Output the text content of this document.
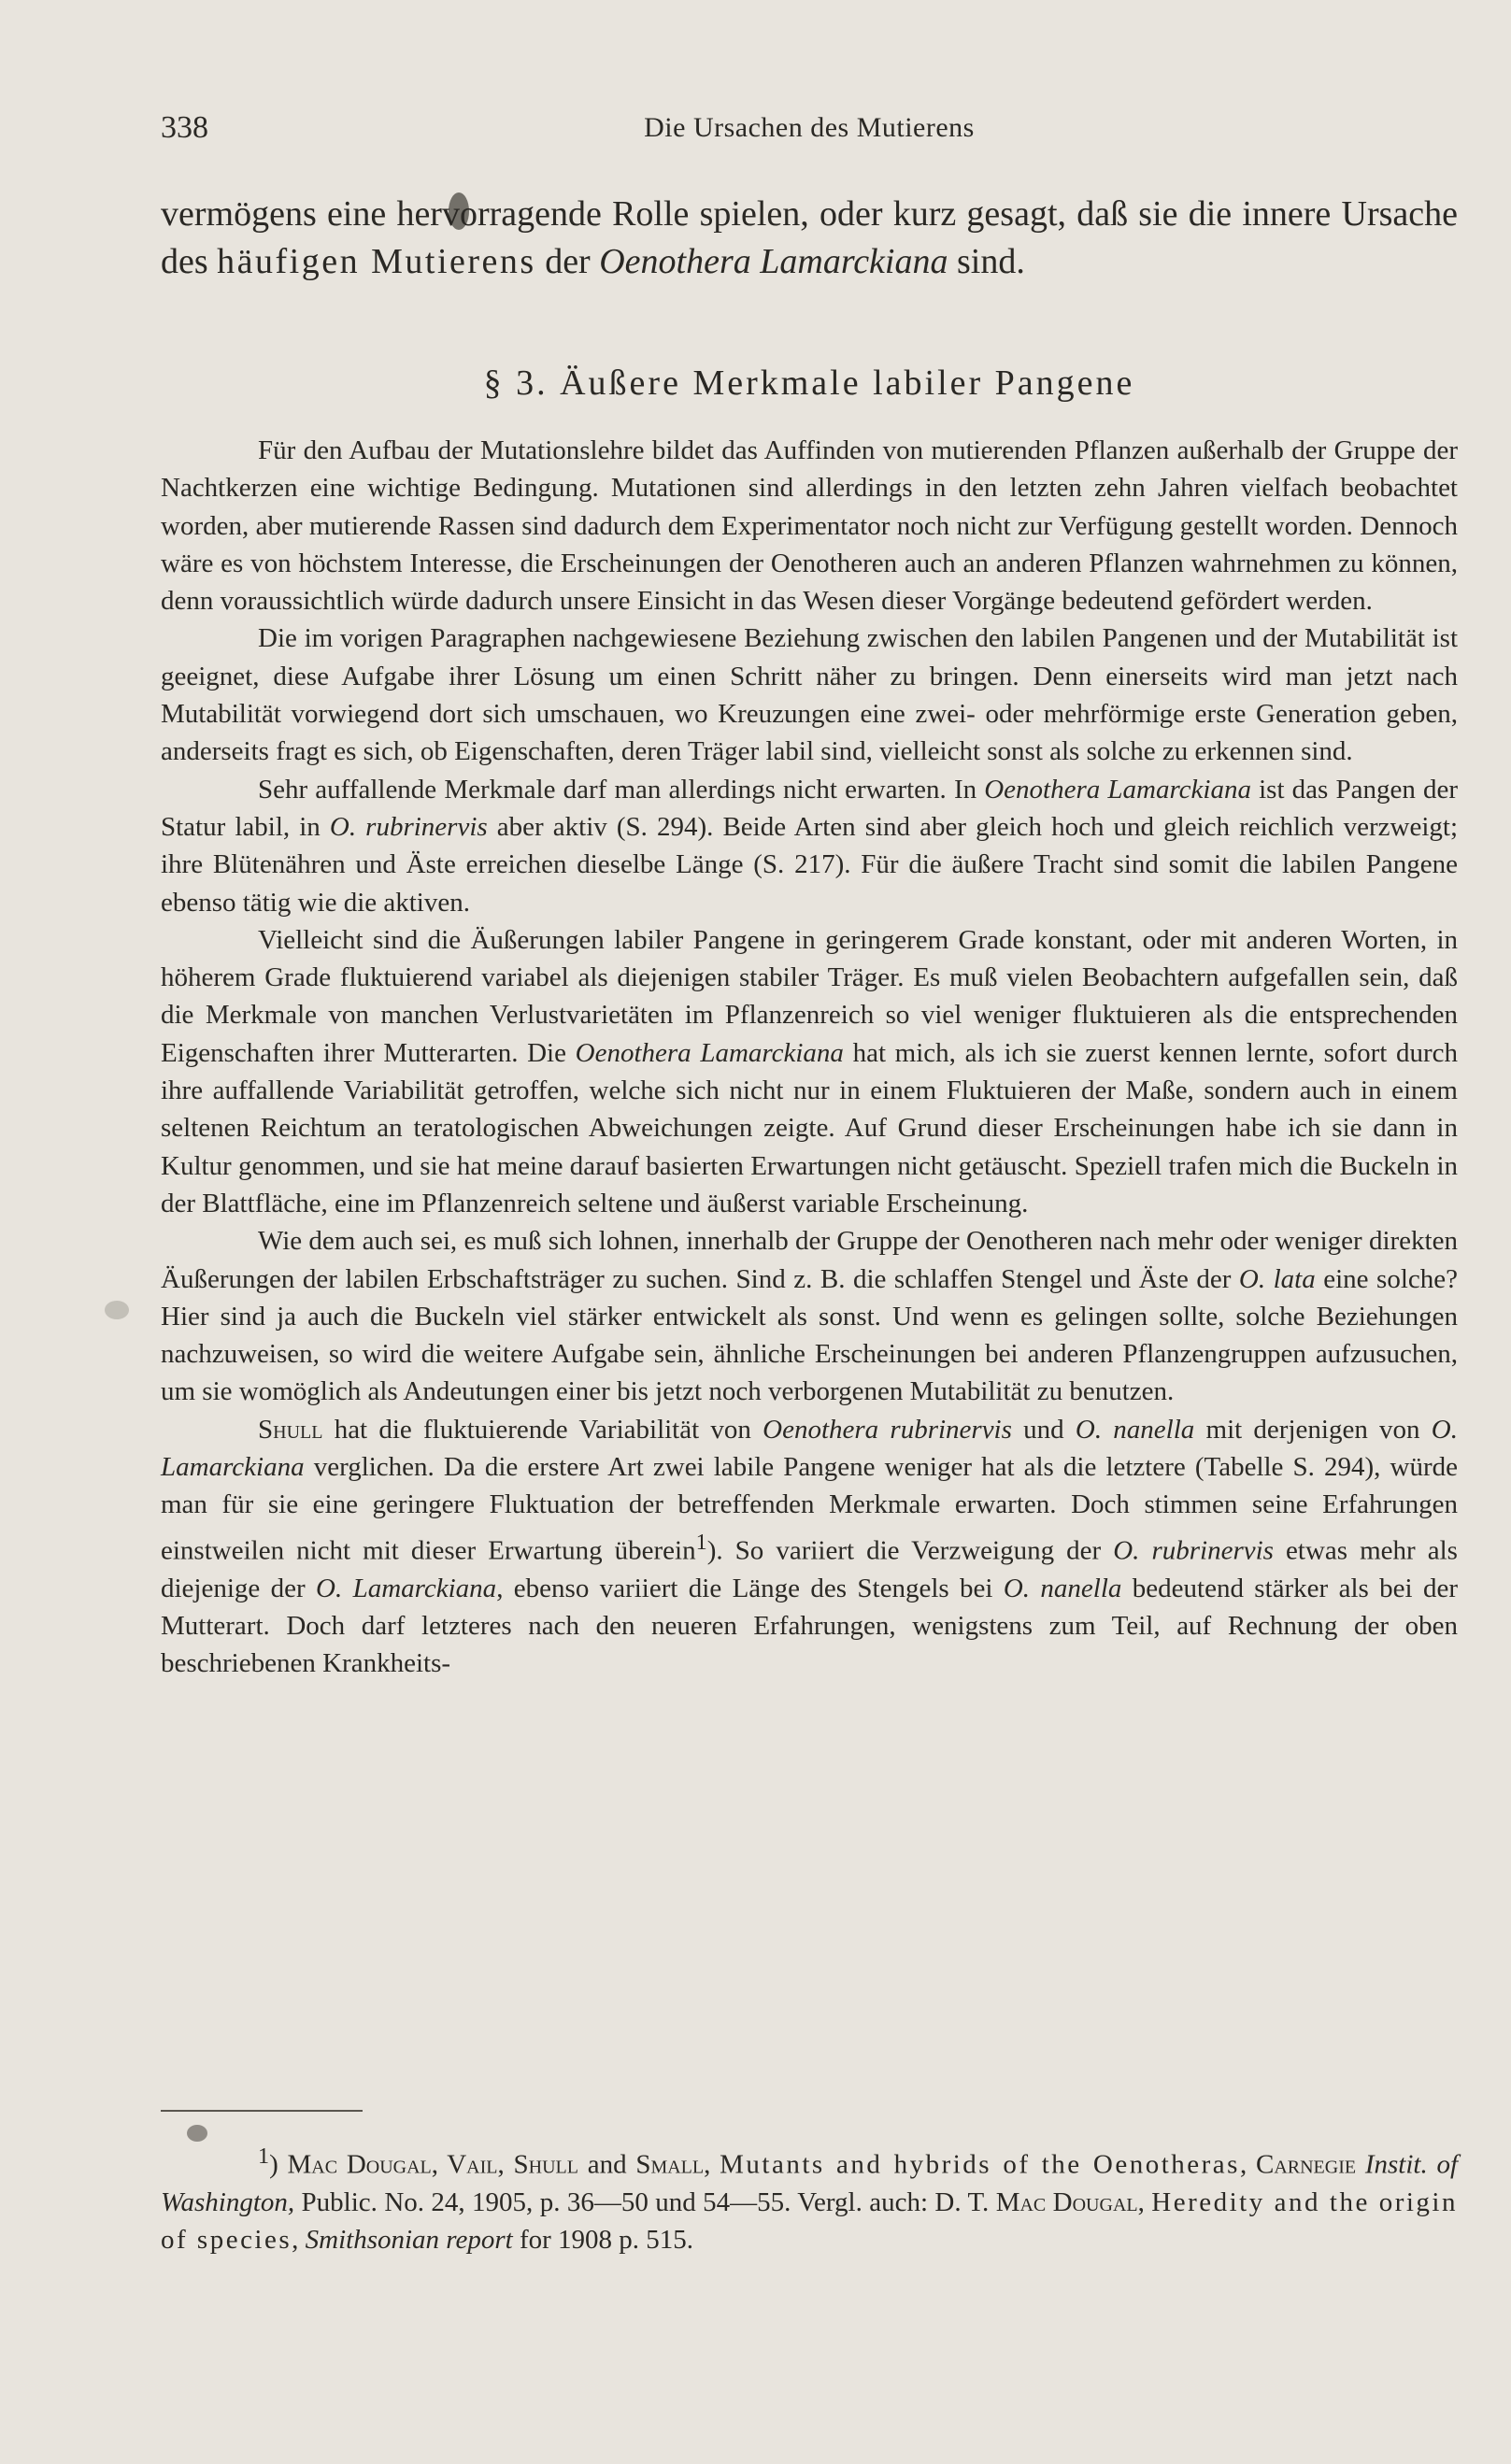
338	Die Ursachen des Mutierens
vermögens eine hervorragende Rolle spielen, oder kurz gesagt, daß sie die innere Ursache des häufigen Mutierens der Oenothera Lamarckiana sind.
§ 3. Äußere Merkmale labiler Pangene

Für den Aufbau der Mutationslehre bildet das Auffinden von mutierenden Pflanzen außerhalb der Gruppe der Nachtkerzen eine wichtige Bedingung. Mutationen sind allerdings in den letzten zehn Jahren vielfach beobachtet worden, aber mutierende Rassen sind dadurch dem Experimentator noch nicht zur Verfügung gestellt worden. Dennoch wäre es von höchstem Interesse, die Erscheinungen der Oenotheren auch an anderen Pflanzen wahrnehmen zu können, denn voraussichtlich würde dadurch unsere Einsicht in das Wesen dieser Vorgänge bedeutend gefördert werden.

Die im vorigen Paragraphen nachgewiesene Beziehung zwischen den labilen Pangenen und der Mutabilität ist geeignet, diese Aufgabe ihrer Lösung um einen Schritt näher zu bringen. Denn einerseits wird man jetzt nach Mutabilität vorwiegend dort sich umschauen, wo Kreuzungen eine zwei- oder mehrförmige erste Generation geben, anderseits fragt es sich, ob Eigenschaften, deren Träger labil sind, vielleicht sonst als solche zu erkennen sind.

Sehr auffallende Merkmale darf man allerdings nicht erwarten. In Oenothera Lamarckiana ist das Pangen der Statur labil, in O. rubrinervis aber aktiv (S. 294). Beide Arten sind aber gleich hoch und gleich reichlich verzweigt; ihre Blütenähren und Äste erreichen dieselbe Länge (S. 217). Für die äußere Tracht sind somit die labilen Pangene ebenso tätig wie die aktiven.

Vielleicht sind die Äußerungen labiler Pangene in geringerem Grade konstant, oder mit anderen Worten, in höherem Grade fluktuierend variabel als diejenigen stabiler Träger. Es muß vielen Beobachtern aufgefallen sein, daß die Merkmale von manchen Verlustvarietäten im Pflanzenreich so viel weniger fluktuieren als die entsprechenden Eigenschaften ihrer Mutterarten. Die Oenothera Lamarckiana hat mich, als ich sie zuerst kennen lernte, sofort durch ihre auffallende Variabilität getroffen, welche sich nicht nur in einem Fluktuieren der Maße, sondern auch in einem seltenen Reichtum an teratologischen Abweichungen zeigte. Auf Grund dieser Erscheinungen habe ich sie dann in Kultur genommen, und sie hat meine darauf basierten Erwartungen nicht getäuscht. Speziell trafen mich die Buckeln in der Blattfläche, eine im Pflanzenreich seltene und äußerst variable Erscheinung.

Wie dem auch sei, es muß sich lohnen, innerhalb der Gruppe der Oenotheren nach mehr oder weniger direkten Äußerungen der labilen Erbschaftsträger zu suchen. Sind z. B. die schlaffen Stengel und Äste der O. lata eine solche? Hier sind ja auch die Buckeln viel stärker entwickelt als sonst. Und wenn es gelingen sollte, solche Beziehungen nachzuweisen, so wird die weitere Aufgabe sein, ähnliche Erscheinungen bei anderen Pflanzengruppen aufzusuchen, um sie womöglich als Andeutungen einer bis jetzt noch verborgenen Mutabilität zu benutzen.

Shull hat die fluktuierende Variabilität von Oenothera rubrinervis und O. nanella mit derjenigen von O. Lamarckiana verglichen. Da die erstere Art zwei labile Pangene weniger hat als die letztere (Tabelle S. 294), würde man für sie eine geringere Fluktuation der betreffenden Merkmale erwarten. Doch stimmen seine Erfahrungen einstweilen nicht mit dieser Erwartung überein$^1$). So variiert die Verzweigung der O. rubrinervis etwas mehr als diejenige der O. Lamarckiana, ebenso variiert die Länge des Stengels bei O. nanella bedeutend stärker als bei der Mutterart. Doch darf letzteres nach den neueren Erfahrungen, wenigstens zum Teil, auf Rechnung der oben beschriebenen Krankheits-

$^1$) Mac Dougal, Vail, Shull and Small, Mutants and hybrids of the Oenotheras, Carnegie Instit. of Washington, Public. No. 24, 1905, p. 36—50 und 54—55. Vergl. auch: D. T. Mac Dougal, Heredity and the origin of species, Smithsonian report for 1908 p. 515.
